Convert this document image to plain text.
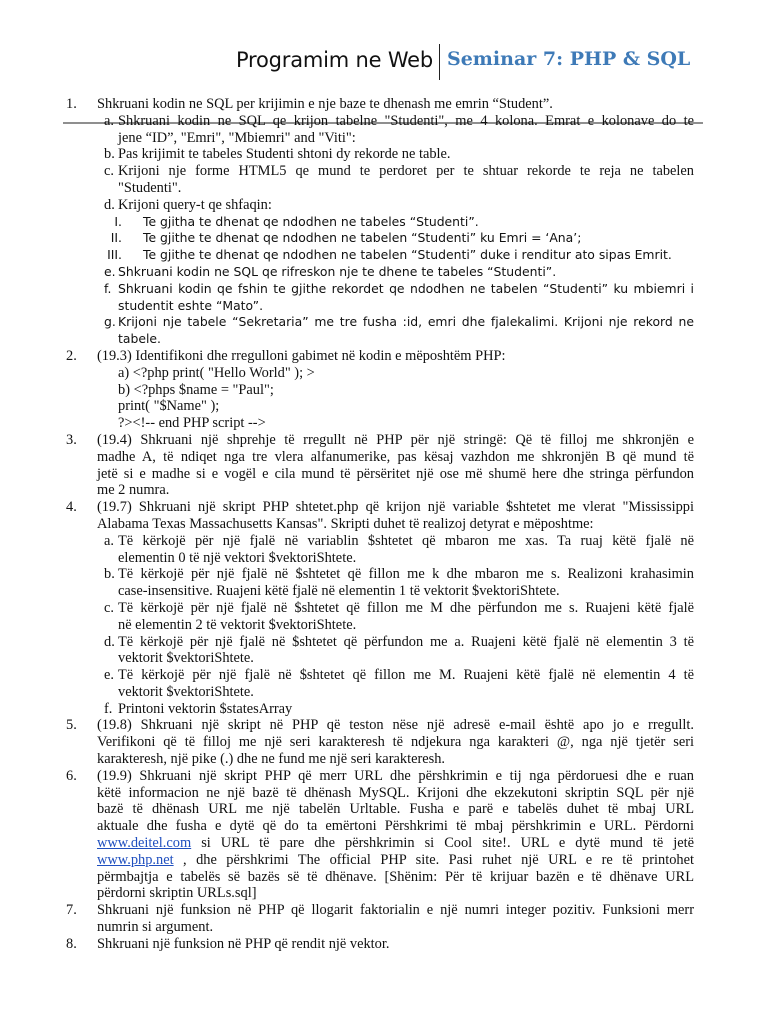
Programim ne Web Seminar 7: PHP & SQL
1. Shkruani kodin ne SQL per krijimin e nje baze te dhenash me emrin “Student”.
a. Shkruani kodin ne SQL qe krijon tabelne "Studenti", me 4 kolona. Emrat e kolonave do te
jene “ID”, "Emri", "Mbiemri" and "Viti":
b. Pas krijimit te tabeles Studenti shtoni dy rekorde ne table.
c. Krijoni nje forme HTML5 qe mund te perdoret per te shtuar rekorde te reja ne tabelen
"Studenti".
d. Krijoni query-t qe shfaqin:
I. Te gjitha te dhenat qe ndodhen ne tabeles “Studenti”.
II. Te gjithe te dhenat qe ndodhen ne tabelen “Studenti” ku Emri = ‘Ana’;
III. Te gjithe te dhenat qe ndodhen ne tabelen “Studenti” duke i renditur ato sipas Emrit.
e. Shkruani kodin ne SQL qe rifreskon nje te dhene te tabeles “Studenti”.
f. Shkruani kodin qe fshin te gjithe rekordet qe ndodhen ne tabelen “Studenti” ku mbiemri i
studentit eshte “Mato”.
g. Krijoni nje tabele “Sekretaria” me tre fusha :id, emri dhe fjalekalimi. Krijoni nje rekord ne
tabele.
2. (19.3) Identifikoni dhe rregulloni gabimet në kodin e mëposhtëm PHP:
a) <?php print( "Hello World" ); >
b) <?phps $name = "Paul";
print( "$Name" );
?><!-- end PHP script -->
3. (19.4) Shkruani një shprehje të rregullt në PHP për një stringë: Që të filloj me shkronjën e
madhe A, të ndiqet nga tre vlera alfanumerike, pas kësaj vazhdon me shkronjën B që mund të
jetë si e madhe si e vogël e cila mund të përsëritet një ose më shumë here dhe stringa përfundon
me 2 numra.
4. (19.7) Shkruani një skript PHP shtetet.php që krijon një variable $shtetet me vlerat "Mississippi
Alabama Texas Massachusetts Kansas". Skripti duhet të realizoj detyrat e mëposhtme:
a. Të kërkojë për një fjalë në variablin $shtetet që mbaron me xas. Ta ruaj këtë fjalë në
elementin 0 të një vektori $vektoriShtete.
b. Të kërkojë për një fjalë në $shtetet që fillon me k dhe mbaron me s. Realizoni krahasimin
case-insensitive. Ruajeni këtë fjalë në elementin 1 të vektorit $vektoriShtete.
c. Të kërkojë për një fjalë në $shtetet që fillon me M dhe përfundon me s. Ruajeni këtë fjalë
në elementin 2 të vektorit $vektoriShtete.
d. Të kërkojë për një fjalë në $shtetet që përfundon me a. Ruajeni këtë fjalë në elementin 3 të
vektorit $vektoriShtete.
e. Të kërkojë për një fjalë në $shtetet që fillon me M. Ruajeni këtë fjalë në elementin 4 të
vektorit $vektoriShtete.
f. Printoni vektorin $statesArray
5. (19.8) Shkruani një skript në PHP që teston nëse një adresë e-mail është apo jo e rregullt.
Verifikoni që të filloj me një seri karakteresh të ndjekura nga karakteri @, nga një tjetër seri
karakteresh, një pike (.) dhe ne fund me një seri karakteresh.
6. (19.9) Shkruani një skript PHP që merr URL dhe përshkrimin e tij nga përdoruesi dhe e ruan
këtë informacion ne një bazë të dhënash MySQL. Krijoni dhe ekzekutoni skriptin SQL për një
bazë të dhënash URL me një tabelën Urltable. Fusha e parë e tabelës duhet të mbaj URL
aktuale dhe fusha e dytë që do ta emërtoni Përshkrimi të mbaj përshkrimin e URL. Përdorni
www.deitel.com si URL të pare dhe përshkrimin si Cool site!. URL e dytë mund të jetë
www.php.net , dhe përshkrimi The official PHP site. Pasi ruhet një URL e re të printohet
përmbajtja e tabelës së bazës së të dhënave. [Shënim: Për të krijuar bazën e të dhënave URL
përdorni skriptin URLs.sql]
7. Shkruani një funksion në PHP që llogarit faktorialin e një numri integer pozitiv. Funksioni merr
numrin si argument.
8. Shkruani një funksion në PHP që rendit një vektor.
